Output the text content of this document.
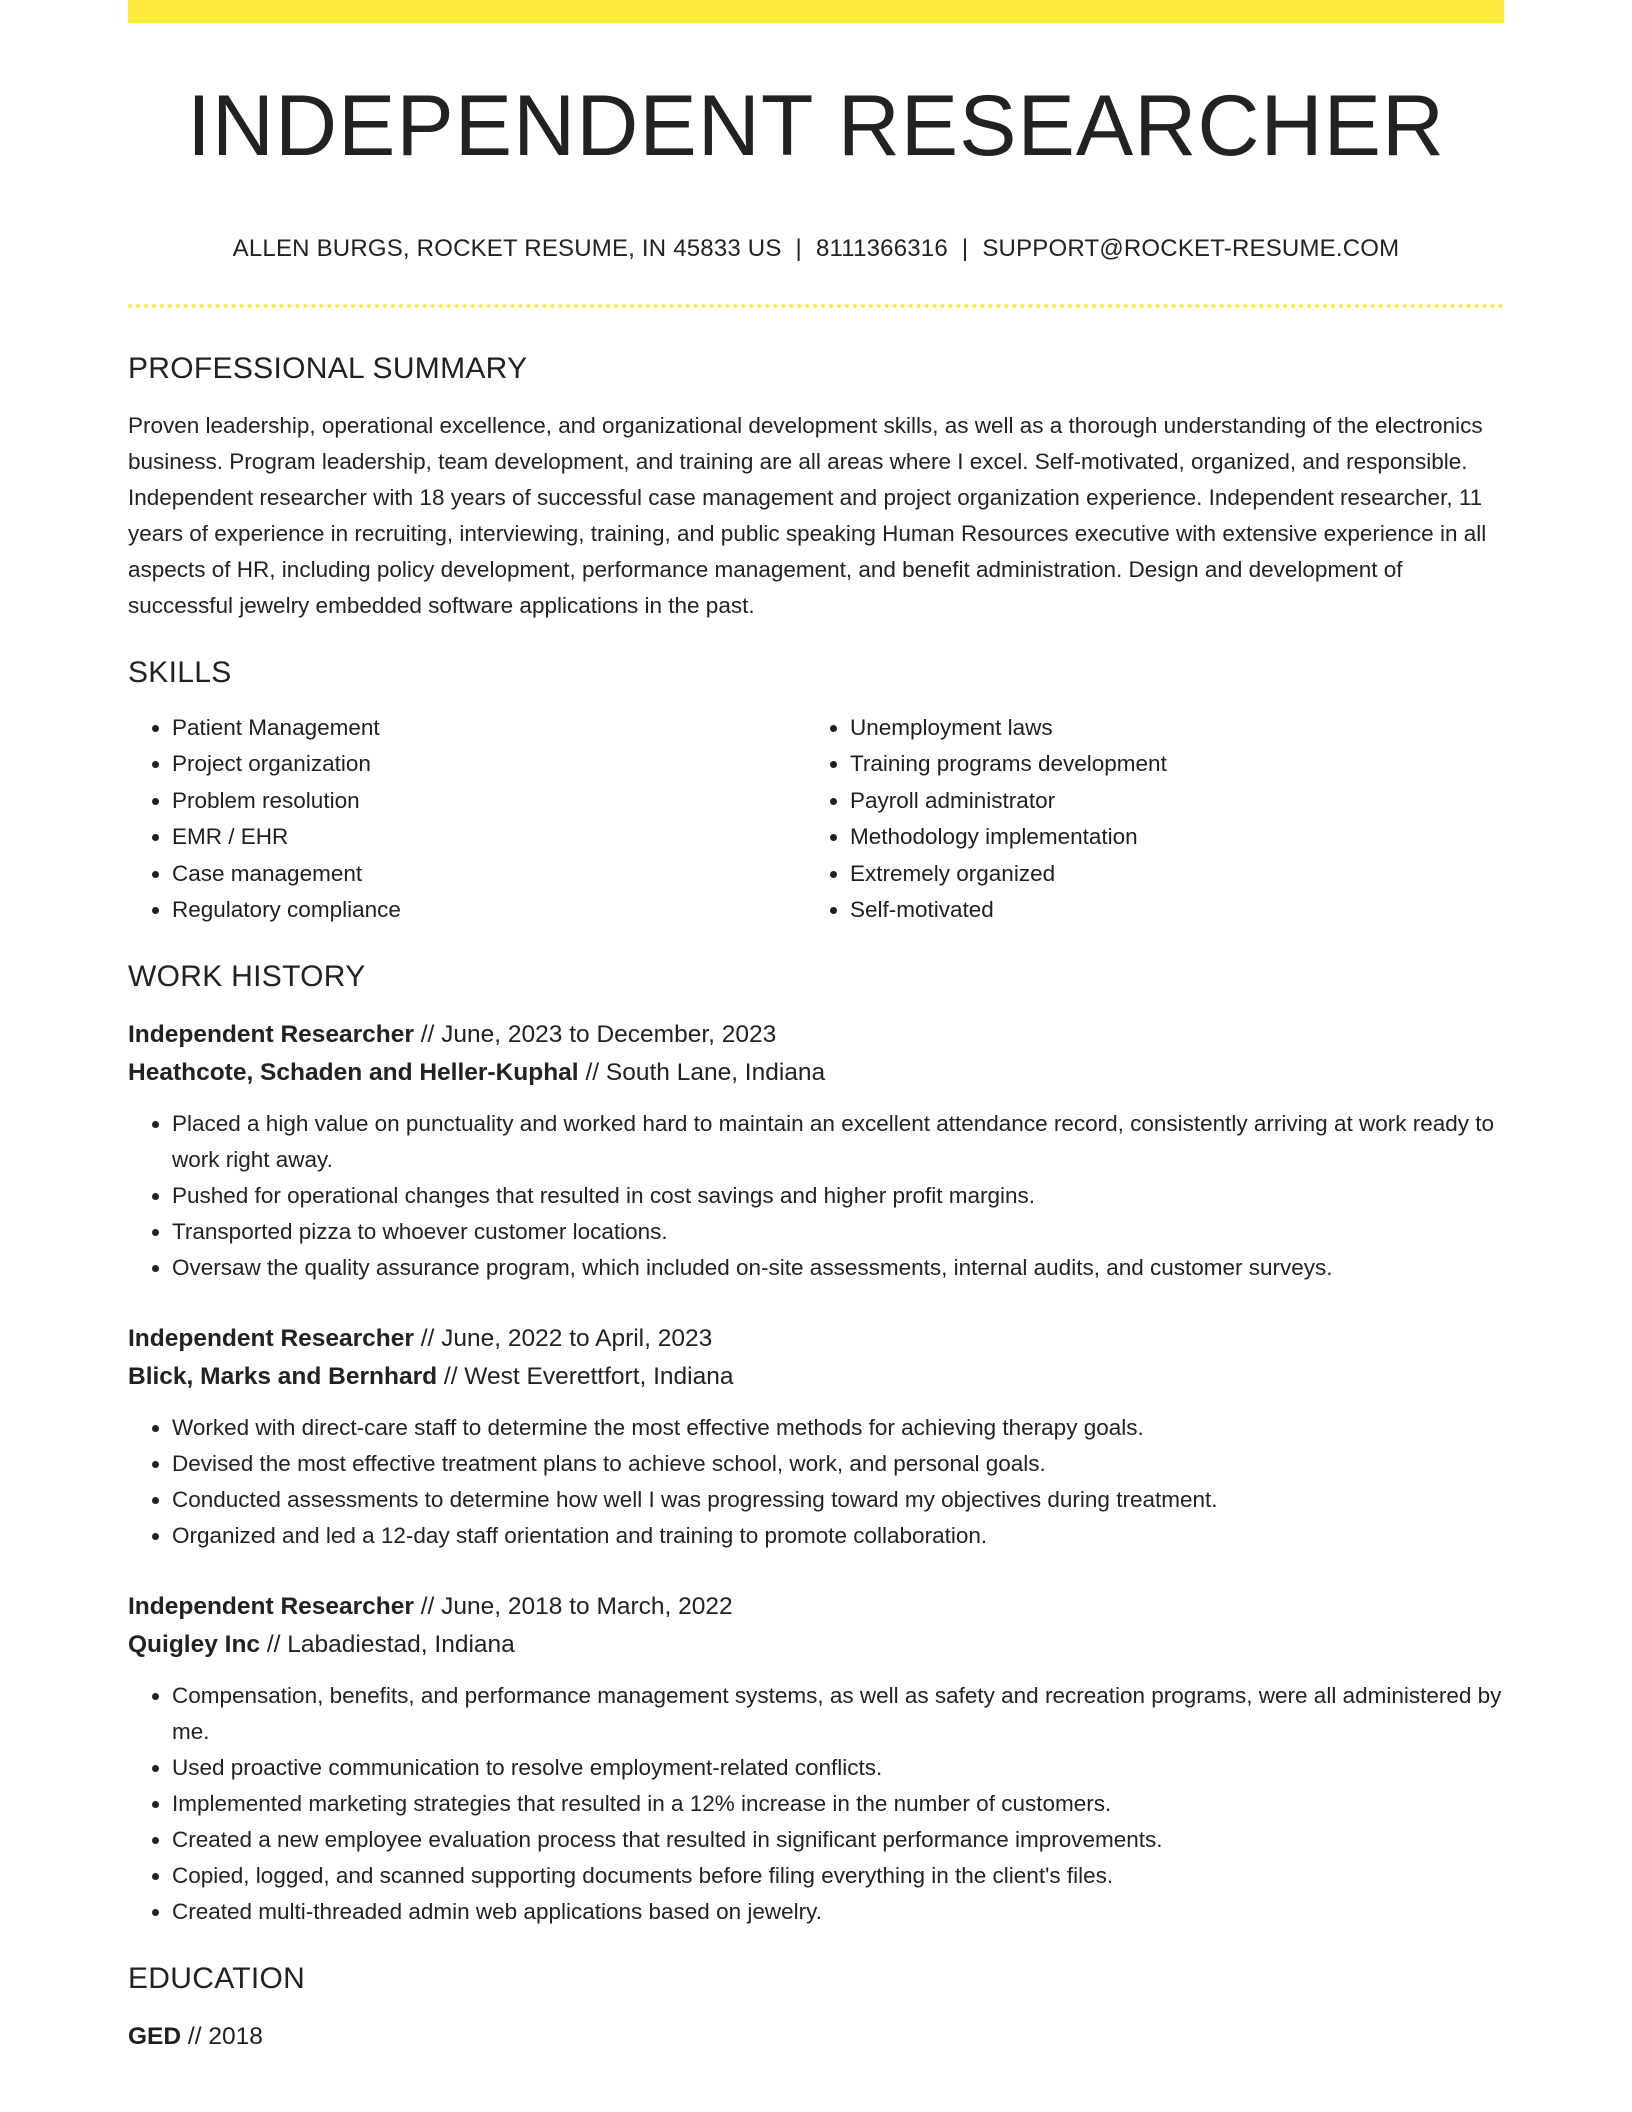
INDEPENDENT RESEARCHER
ALLEN BURGS, ROCKET RESUME, IN 45833 US | 8111366316 | SUPPORT@ROCKET-RESUME.COM
PROFESSIONAL SUMMARY

Proven leadership, operational excellence, and organizational development skills, as well as a thorough understanding of the electronics business. Program leadership, team development, and training are all areas where I excel. Self-motivated, organized, and responsible. Independent researcher with 18 years of successful case management and project organization experience. Independent researcher, 11 years of experience in recruiting, interviewing, training, and public speaking Human Resources executive with extensive experience in all aspects of HR, including policy development, performance management, and benefit administration. Design and development of successful jewelry embedded software applications in the past.

SKILLS
• Patient Management
• Project organization
• Problem resolution
• EMR / EHR
• Case management
• Regulatory compliance
• Unemployment laws
• Training programs development
• Payroll administrator
• Methodology implementation
• Extremely organized
• Self-motivated
WORK HISTORY
Independent Researcher // June, 2023 to December, 2023
Heathcote, Schaden and Heller-Kuphal // South Lane, Indiana
• Placed a high value on punctuality and worked hard to maintain an excellent attendance record, consistently arriving at work ready to work right away.
• Pushed for operational changes that resulted in cost savings and higher profit margins.
• Transported pizza to whoever customer locations.
• Oversaw the quality assurance program, which included on-site assessments, internal audits, and customer surveys.
Independent Researcher // June, 2022 to April, 2023
Blick, Marks and Bernhard // West Everettfort, Indiana
• Worked with direct-care staff to determine the most effective methods for achieving therapy goals.
• Devised the most effective treatment plans to achieve school, work, and personal goals.
• Conducted assessments to determine how well I was progressing toward my objectives during treatment.
• Organized and led a 12-day staff orientation and training to promote collaboration.
Independent Researcher // June, 2018 to March, 2022
Quigley Inc // Labadiestad, Indiana
• Compensation, benefits, and performance management systems, as well as safety and recreation programs, were all administered by me.
• Used proactive communication to resolve employment-related conflicts.
• Implemented marketing strategies that resulted in a 12% increase in the number of customers.
• Created a new employee evaluation process that resulted in significant performance improvements.
• Copied, logged, and scanned supporting documents before filing everything in the client's files.
• Created multi-threaded admin web applications based on jewelry.
EDUCATION
GED // 2018
